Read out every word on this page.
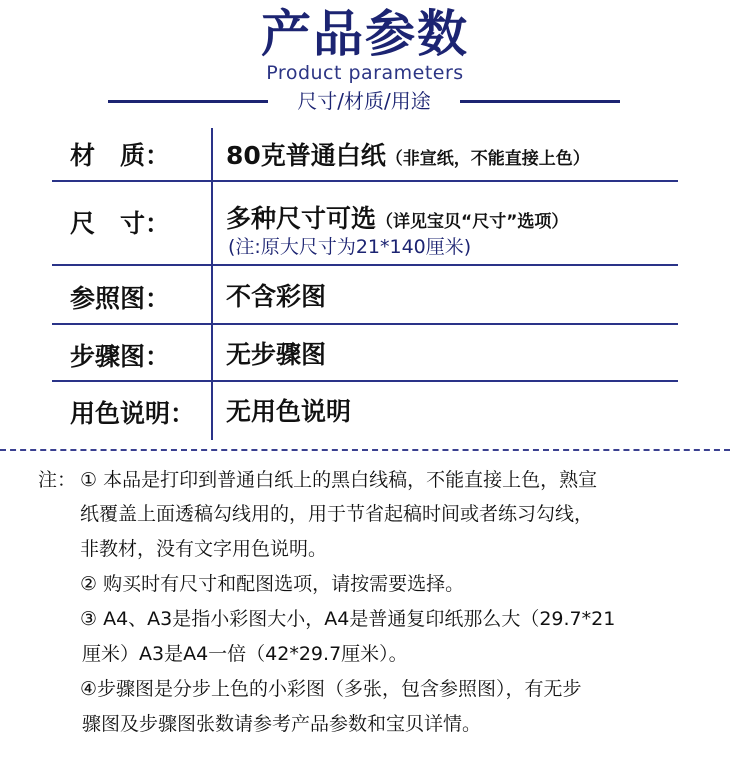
产品参数
Product parameters
尺寸/材质/用途
材　质： 80克普通白纸（非宣纸，不能直接上色）
尺　寸： 多种尺寸可选（详见宝贝“尺寸”选项）
(注:原大尺寸为21*140厘米)
参照图： 不含彩图
步骤图： 无步骤图
用色说明： 无用色说明
注： ① 本品是打印到普通白纸上的黑白线稿，不能直接上色，熟宣
纸覆盖上面透稿勾线用的，用于节省起稿时间或者练习勾线，
非教材，没有文字用色说明。
② 购买时有尺寸和配图选项，请按需要选择。
③ A4、A3是指小彩图大小，A4是普通复印纸那么大（29.7*21
厘米）A3是A4一倍（42*29.7厘米）。
④步骤图是分步上色的小彩图（多张，包含参照图），有无步
骤图及步骤图张数请参考产品参数和宝贝详情。
